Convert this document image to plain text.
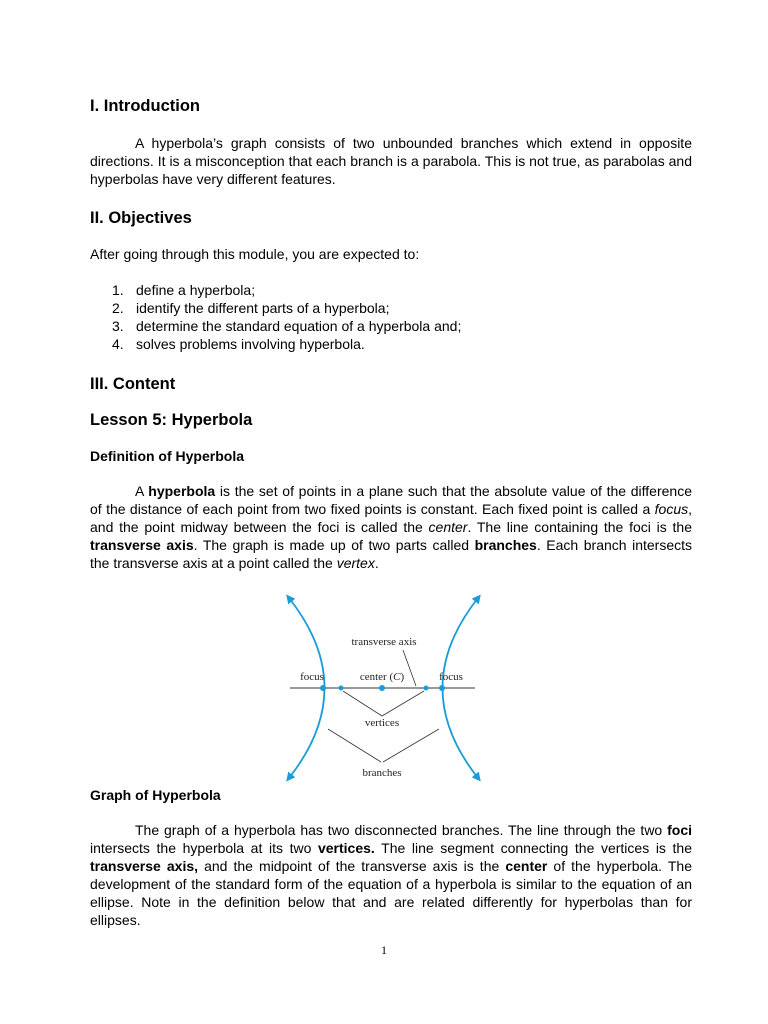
I. Introduction

A hyperbola’s graph consists of two unbounded branches which extend in opposite directions. It is a misconception that each branch is a parabola. This is not true, as parabolas and hyperbolas have very different features.

II. Objectives

After going through this module, you are expected to:

1. define a hyperbola;
2. identify the different parts of a hyperbola;
3. determine the standard equation of a hyperbola and;
4. solves problems involving hyperbola.
III. Content
Lesson 5: Hyperbola
Definition of Hyperbola

A hyperbola is the set of points in a plane such that the absolute value of the difference of the distance of each point from two fixed points is constant. Each fixed point is called a focus, and the point midway between the foci is called the center. The line containing the foci is the transverse axis. The graph is made up of two parts called branches. Each branch intersects the transverse axis at a point called the vertex.

Graph of Hyperbola

The graph of a hyperbola has two disconnected branches. The line through the two foci intersects the hyperbola at its two vertices. The line segment connecting the vertices is the transverse axis, and the midpoint of the transverse axis is the center of the hyperbola. The development of the standard form of the equation of a hyperbola is similar to the equation of an ellipse. Note in the definition below that and are related differently for hyperbolas than for ellipses.

transverse axis
focus	center (C)	focus
vertices
branches
1
